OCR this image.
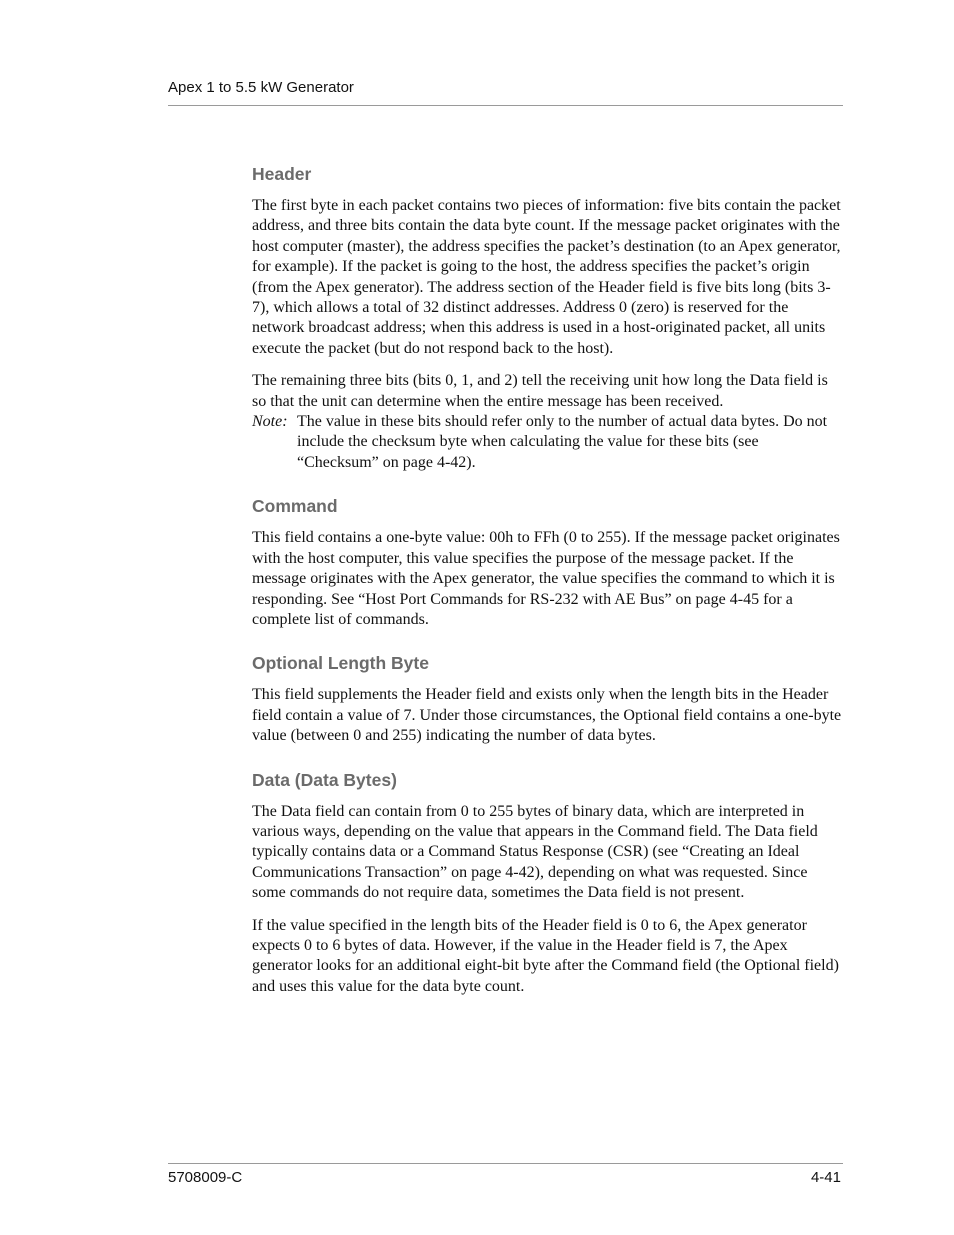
Apex 1 to 5.5 kW Generator
Header

The first byte in each packet contains two pieces of information: five bits contain the packet address, and three bits contain the data byte count. If the message packet originates with the host computer (master), the address specifies the packet’s destination (to an Apex generator, for example). If the packet is going to the host, the address specifies the packet’s origin (from the Apex generator). The address section of the Header field is five bits long (bits 3-7), which allows a total of 32 distinct addresses. Address 0 (zero) is reserved for the network broadcast address; when this address is used in a host-originated packet, all units execute the packet (but do not respond back to the host).

The remaining three bits (bits 0, 1, and 2) tell the receiving unit how long the Data field is so that the unit can determine when the entire message has been received.

Note: The value in these bits should refer only to the number of actual data bytes. Do not include the checksum byte when calculating the value for these bits (see “Checksum” on page 4-42).
Command

This field contains a one-byte value: 00h to FFh (0 to 255). If the message packet originates with the host computer, this value specifies the purpose of the message packet. If the message originates with the Apex generator, the value specifies the command to which it is responding. See “Host Port Commands for RS-232 with AE Bus” on page 4-45 for a complete list of commands.

Optional Length Byte

This field supplements the Header field and exists only when the length bits in the Header field contain a value of 7. Under those circumstances, the Optional field contains a one-byte value (between 0 and 255) indicating the number of data bytes.

Data (Data Bytes)

The Data field can contain from 0 to 255 bytes of binary data, which are interpreted in various ways, depending on the value that appears in the Command field. The Data field typically contains data or a Command Status Response (CSR) (see “Creating an Ideal Communications Transaction” on page 4-42), depending on what was requested. Since some commands do not require data, sometimes the Data field is not present.

If the value specified in the length bits of the Header field is 0 to 6, the Apex generator expects 0 to 6 bytes of data. However, if the value in the Header field is 7, the Apex generator looks for an additional eight-bit byte after the Command field (the Optional field) and uses this value for the data byte count.

5708009-C	4-41
